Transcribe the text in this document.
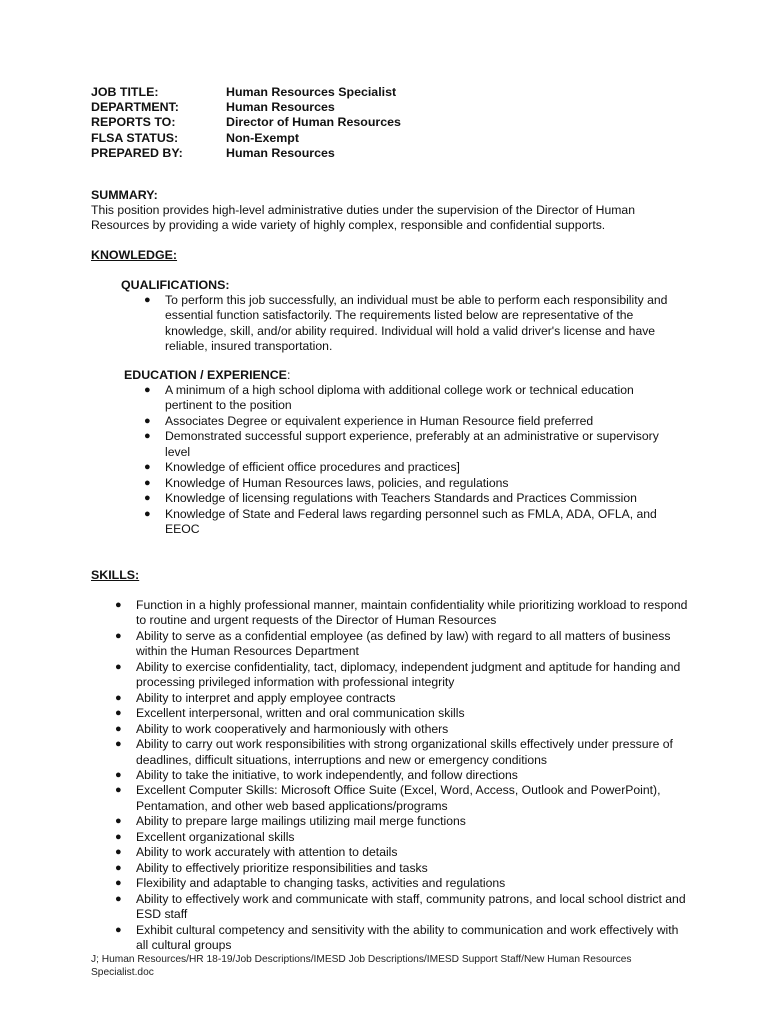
JOB TITLE:	Human Resources Specialist
DEPARTMENT:	Human Resources
REPORTS TO:	Director of Human Resources
FLSA STATUS:	Non-Exempt
PREPARED BY:	Human Resources
SUMMARY:
This position provides high-level administrative duties under the supervision of the Director of Human Resources by providing a wide variety of highly complex, responsible and confidential supports.
KNOWLEDGE:
QUALIFICATIONS:
● To perform this job successfully, an individual must be able to perform each responsibility and essential function satisfactorily. The requirements listed below are representative of the knowledge, skill, and/or ability required. Individual will hold a valid driver's license and have reliable, insured transportation.
EDUCATION / EXPERIENCE:
● A minimum of a high school diploma with additional college work or technical education pertinent to the position
● Associates Degree or equivalent experience in Human Resource field preferred
● Demonstrated successful support experience, preferably at an administrative or supervisory level
● Knowledge of efficient office procedures and practices]
● Knowledge of Human Resources laws, policies, and regulations
● Knowledge of licensing regulations with Teachers Standards and Practices Commission
● Knowledge of State and Federal laws regarding personnel such as FMLA, ADA, OFLA, and EEOC
SKILLS:
● Function in a highly professional manner, maintain confidentiality while prioritizing workload to respond to routine and urgent requests of the Director of Human Resources
● Ability to serve as a confidential employee (as defined by law) with regard to all matters of business within the Human Resources Department
● Ability to exercise confidentiality, tact, diplomacy, independent judgment and aptitude for handing and processing privileged information with professional integrity
● Ability to interpret and apply employee contracts
● Excellent interpersonal, written and oral communication skills
● Ability to work cooperatively and harmoniously with others
● Ability to carry out work responsibilities with strong organizational skills effectively under pressure of deadlines, difficult situations, interruptions and new or emergency conditions
● Ability to take the initiative, to work independently, and follow directions
● Excellent Computer Skills: Microsoft Office Suite (Excel, Word, Access, Outlook and PowerPoint), Pentamation, and other web based applications/programs
● Ability to prepare large mailings utilizing mail merge functions
● Excellent organizational skills
● Ability to work accurately with attention to details
● Ability to effectively prioritize responsibilities and tasks
● Flexibility and adaptable to changing tasks, activities and regulations
● Ability to effectively work and communicate with staff, community patrons, and local school district and ESD staff
● Exhibit cultural competency and sensitivity with the ability to communication and work effectively with all cultural groups
J; Human Resources/HR 18-19/Job Descriptions/IMESD Job Descriptions/IMESD Support Staff/New Human Resources Specialist.doc
